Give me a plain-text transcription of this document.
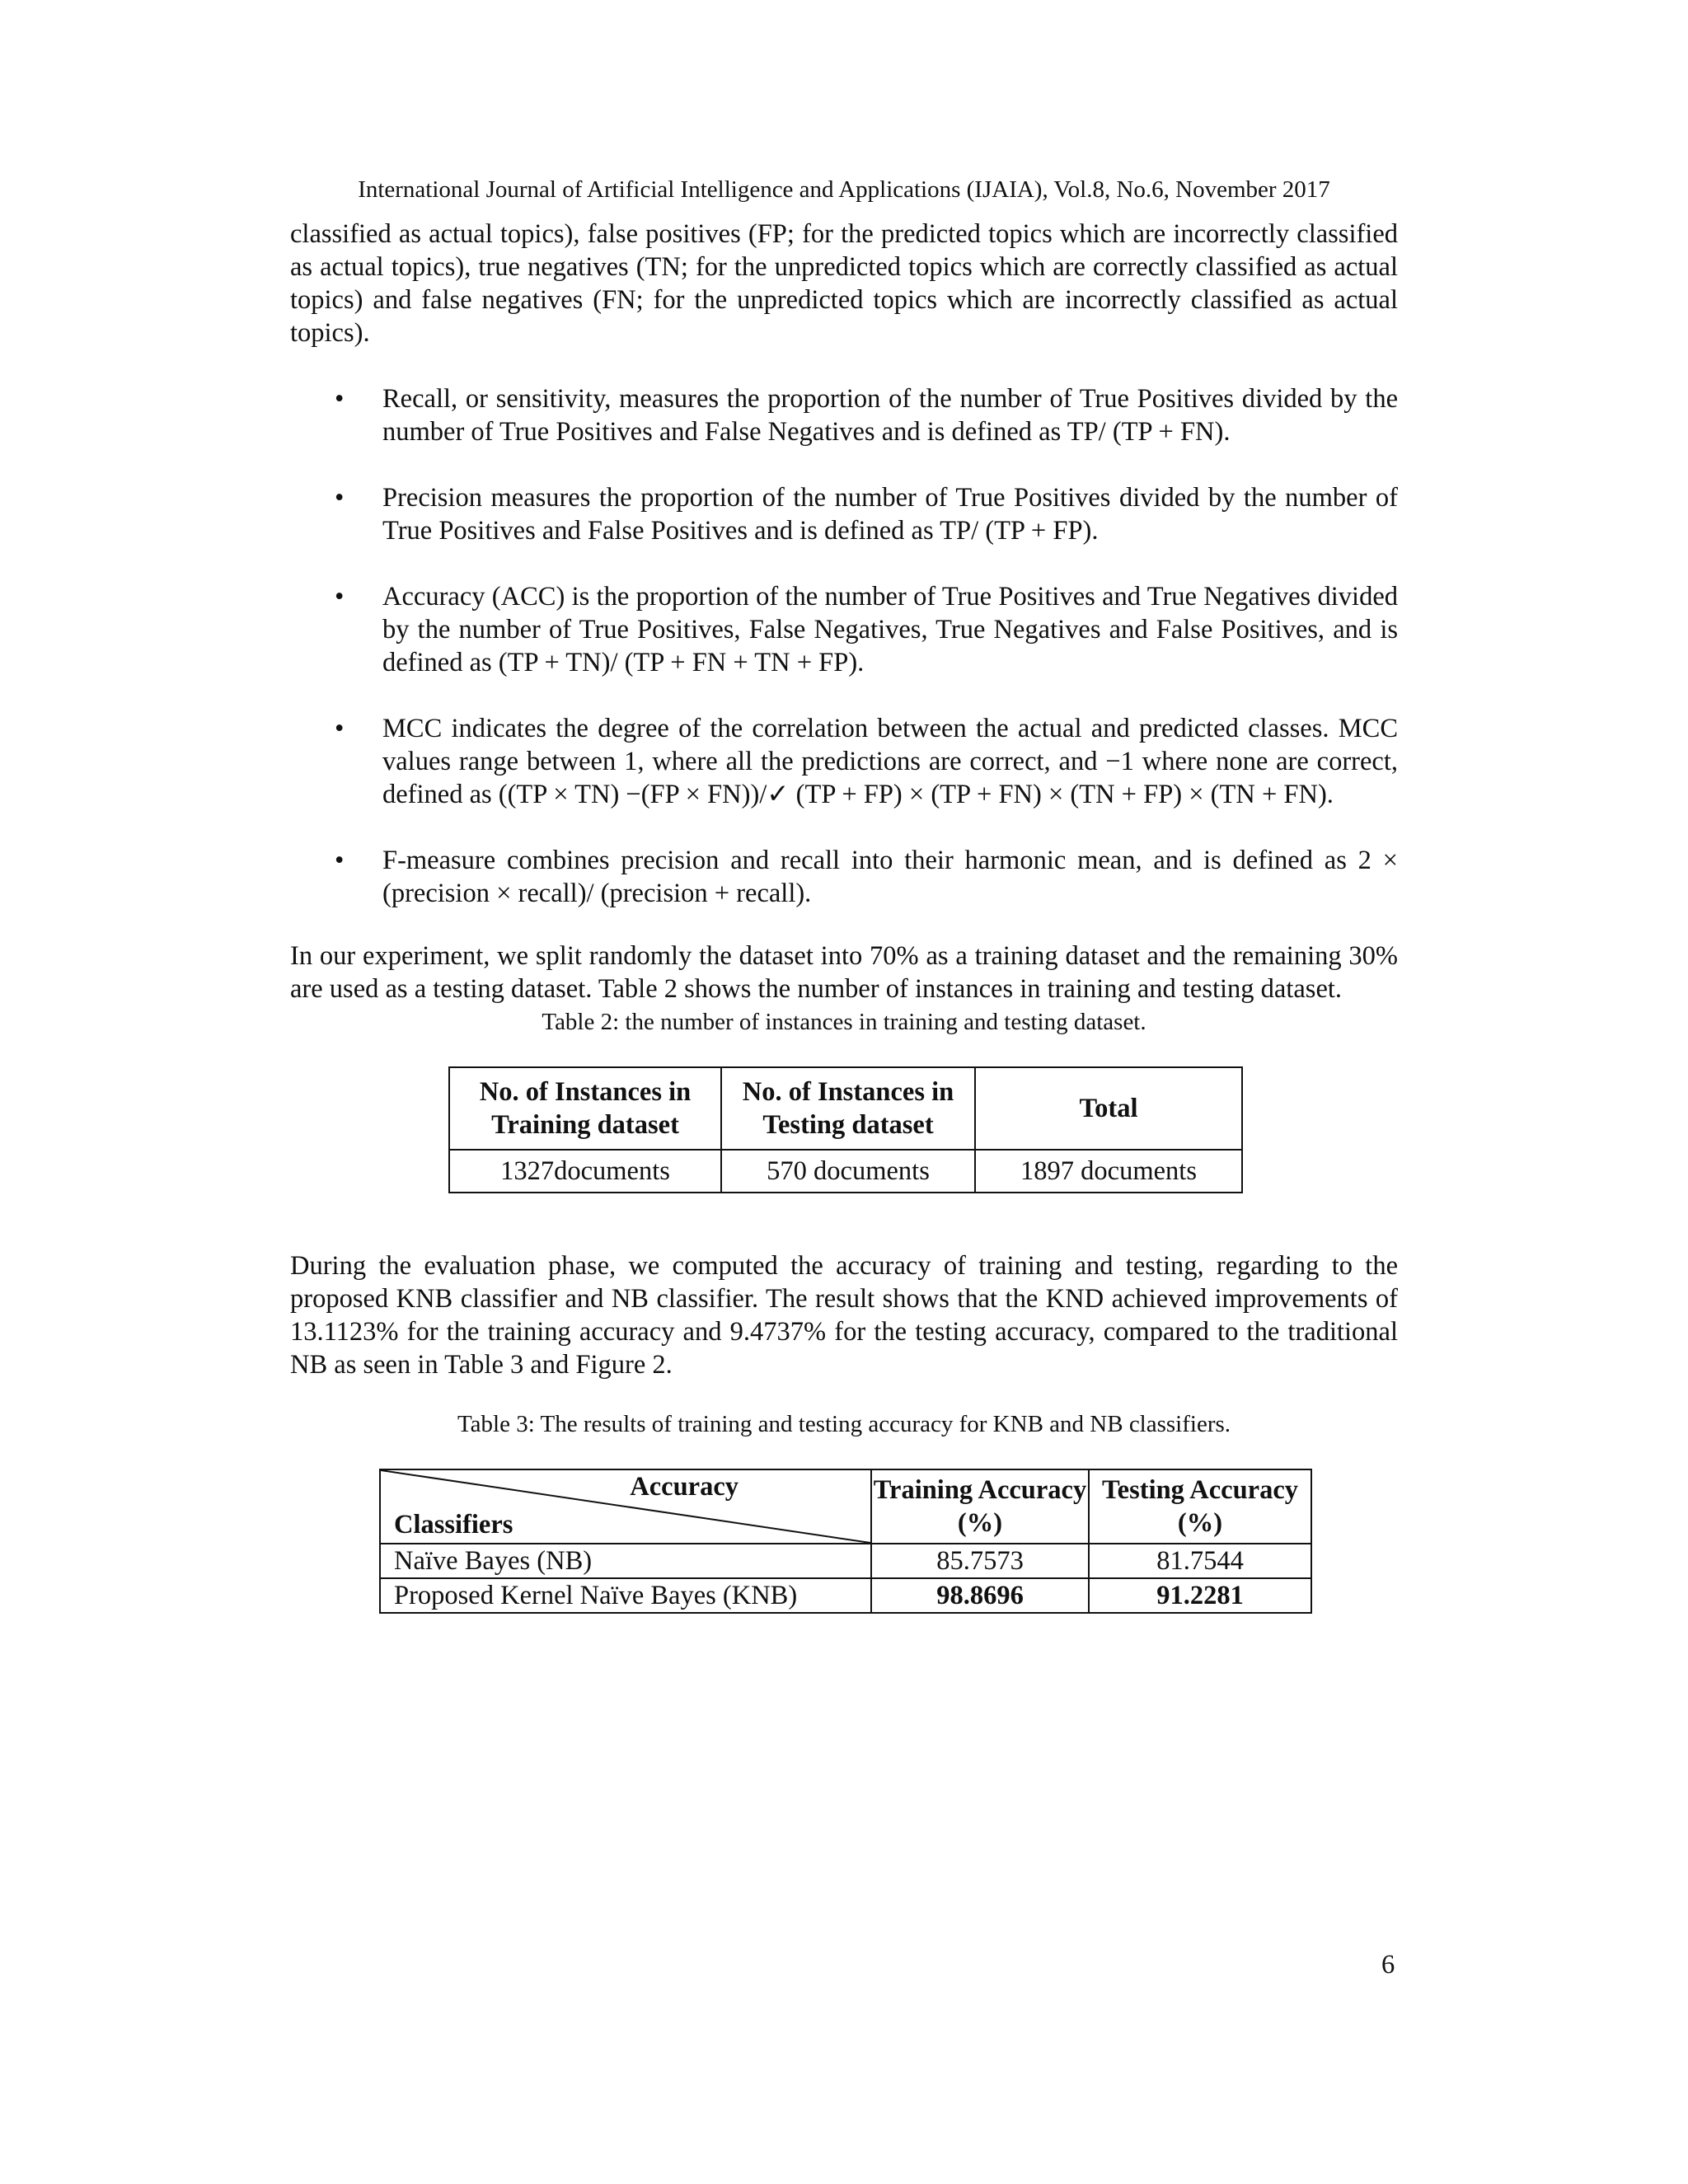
International Journal of Artificial Intelligence and Applications (IJAIA), Vol.8, No.6, November 2017

classified as actual topics), false positives (FP; for the predicted topics which are incorrectly classified as actual topics), true negatives (TN; for the unpredicted topics which are correctly classified as actual topics) and false negatives (FN; for the unpredicted topics which are incorrectly classified as actual topics).

• Recall, or sensitivity, measures the proportion of the number of True Positives divided by the number of True Positives and False Negatives and is defined as TP/ (TP + FN).
• Precision measures the proportion of the number of True Positives divided by the number of True Positives and False Positives and is defined as TP/ (TP + FP).
• Accuracy (ACC) is the proportion of the number of True Positives and True Negatives divided by the number of True Positives, False Negatives, True Negatives and False Positives, and is defined as (TP + TN)/ (TP + FN + TN + FP).
• MCC indicates the degree of the correlation between the actual and predicted classes. MCC values range between 1, where all the predictions are correct, and −1 where none are correct, defined as ((TP × TN) −(FP × FN))/✓ (TP + FP) × (TP + FN) × (TN + FP) × (TN + FN).
• F-measure combines precision and recall into their harmonic mean, and is defined as 2 × (precision × recall)/ (precision + recall).

In our experiment, we split randomly the dataset into 70% as a training dataset and the remaining 30% are used as a testing dataset. Table 2 shows the number of instances in training and testing dataset.

Table 2: the number of instances in training and testing dataset.

No. of Instances in Training dataset	No. of Instances in Testing dataset	Total
1327documents	570 documents	1897 documents

During the evaluation phase, we computed the accuracy of training and testing, regarding to the proposed KNB classifier and NB classifier. The result shows that the KND achieved improvements of 13.1123% for the training accuracy and 9.4737% for the testing accuracy, compared to the traditional NB as seen in Table 3 and Figure 2.

Table 3: The results of training and testing accuracy for KNB and NB classifiers.

Accuracy
Classifiers	Training Accuracy (%)	Testing Accuracy (%)
Naïve Bayes (NB)	85.7573	81.7544
Proposed Kernel Naïve Bayes (KNB)	98.8696	91.2281
6
